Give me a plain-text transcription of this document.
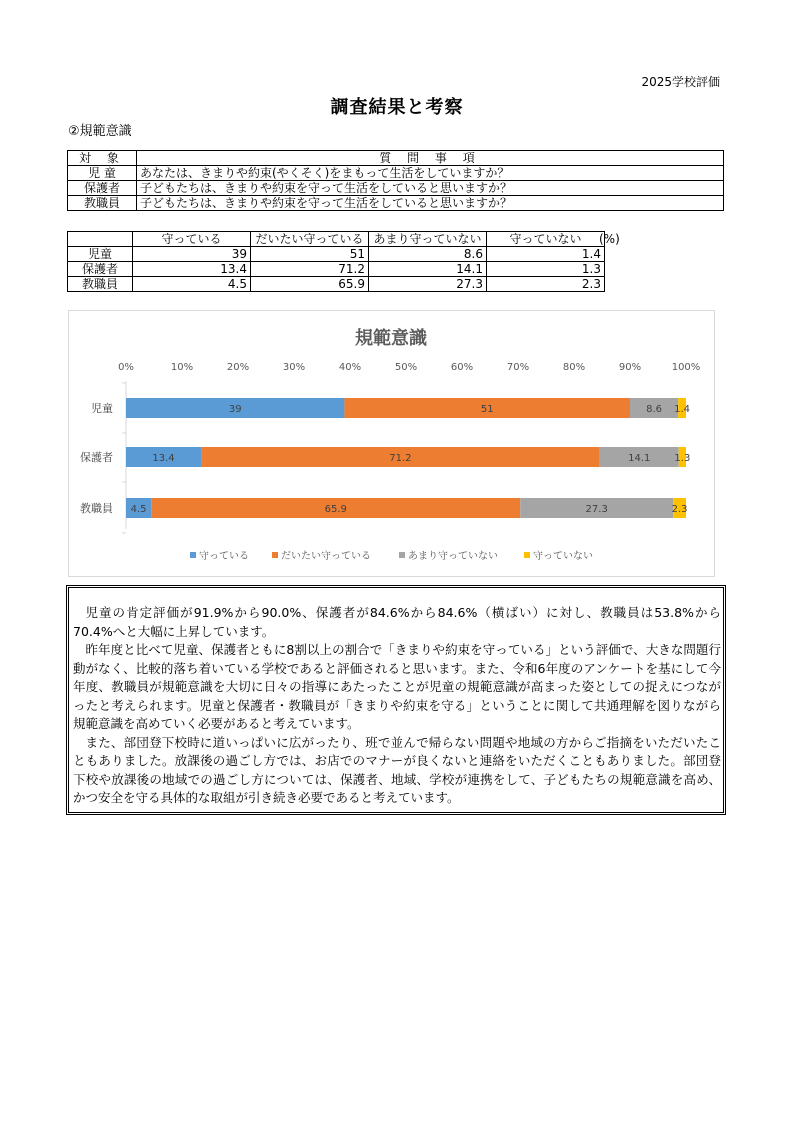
2025学校評価
調査結果と考察
②規範意識
対 象	質 問 事 項
児 童	あなたは、きまりや約束(やくそく)をまもって生活をしていますか？
保護者	子どもたちは、きまりや約束を守って生活をしていると思いますか？
教職員	子どもたちは、きまりや約束を守って生活をしていると思いますか？
	守っている	だいたい守っている	あまり守っていない	守っていない
児童	39	51	8.6	1.4
保護者	13.4	71.2	14.1	1.3
教職員	4.5	65.9	27.3	2.3
(%)
規範意識
0%	10%	20%	30%	40%	50%	60%	70%	80%	90%	100%
児童	39	51	8.6 1.4
保護者	13.4	71.2	14.1 1.3
教職員 4.5	65.9	27.3	2.3
守っている	だいたい守っている	あまり守っていない	守っていない

児童の肯定評価が91.9%から90.0%、保護者が84.6%から84.6%（横ばい）に対し、教職員は53.8%から70.4%へと大幅に上昇しています。

昨年度と比べて児童、保護者ともに8割以上の割合で「きまりや約束を守っている」という評価で、大きな問題行動がなく、比較的落ち着いている学校であると評価されると思います。また、令和6年度のアンケートを基にして今年度、教職員が規範意識を大切に日々の指導にあたったことが児童の規範意識が高まった姿としての捉えにつながったと考えられます。児童と保護者・教職員が「きまりや約束を守る」ということに関して共通理解を図りながら規範意識を高めていく必要があると考えています。

また、部団登下校時に道いっぱいに広がったり、班で並んで帰らない問題や地域の方からご指摘をいただいたこともありました。放課後の過ごし方では、お店でのマナーが良くないと連絡をいただくこともありました。部団登下校や放課後の地域での過ごし方については、保護者、地域、学校が連携をして、子どもたちの規範意識を高め、かつ安全を守る具体的な取組が引き続き必要であると考えています。
